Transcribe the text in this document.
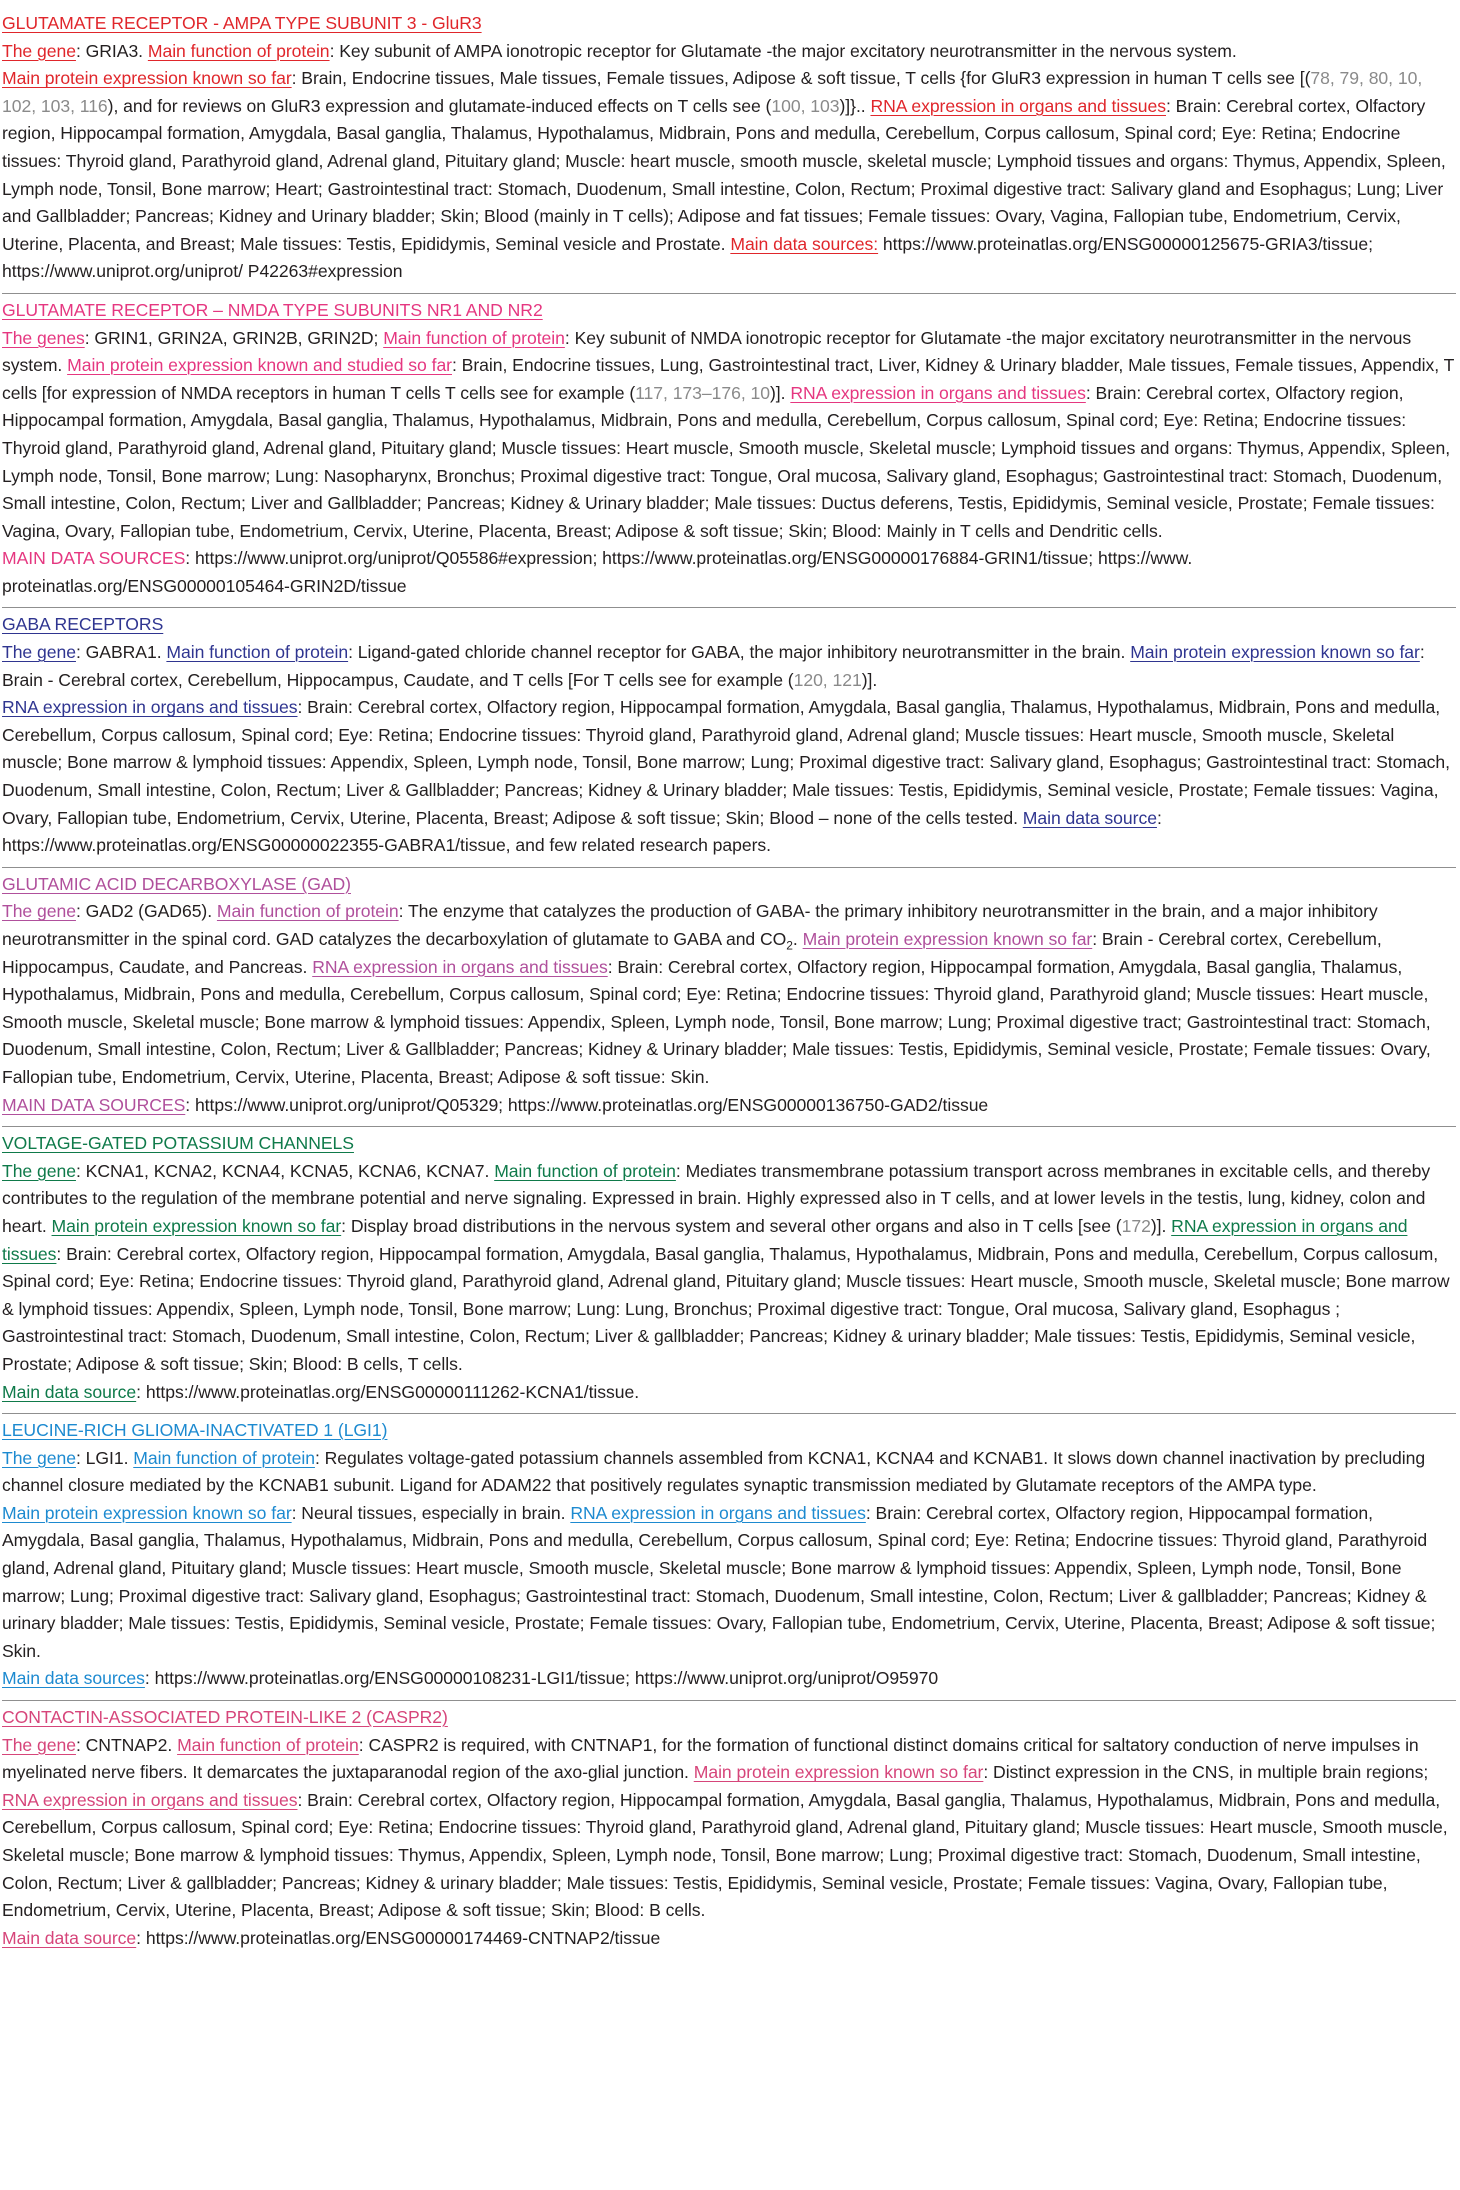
GLUTAMATE RECEPTOR - AMPA TYPE SUBUNIT 3 - GluR3

The gene: GRIA3. Main function of protein: Key subunit of AMPA ionotropic receptor for Glutamate -the major excitatory neurotransmitter in the nervous system.
Main protein expression known so far: Brain, Endocrine tissues, Male tissues, Female tissues, Adipose & soft tissue, T cells {for GluR3 expression in human T cells see [(78, 79, 80, 10, 102, 103, 116), and for reviews on GluR3 expression and glutamate-induced effects on T cells see (100, 103)]}.. RNA expression in organs and tissues: Brain: Cerebral cortex, Olfactory region, Hippocampal formation, Amygdala, Basal ganglia, Thalamus, Hypothalamus, Midbrain, Pons and medulla, Cerebellum, Corpus callosum, Spinal cord; Eye: Retina; Endocrine tissues: Thyroid gland, Parathyroid gland, Adrenal gland, Pituitary gland; Muscle: heart muscle, smooth muscle, skeletal muscle; Lymphoid tissues and organs: Thymus, Appendix, Spleen, Lymph node, Tonsil, Bone marrow; Heart; Gastrointestinal tract: Stomach, Duodenum, Small intestine, Colon, Rectum; Proximal digestive tract: Salivary gland and Esophagus; Lung; Liver and Gallbladder; Pancreas; Kidney and Urinary bladder; Skin; Blood (mainly in T cells); Adipose and fat tissues; Female tissues: Ovary, Vagina, Fallopian tube, Endometrium, Cervix, Uterine, Placenta, and Breast; Male tissues: Testis, Epididymis, Seminal vesicle and Prostate. Main data sources: https://www.proteinatlas.org/ENSG00000125675-GRIA3/tissue; https://www.uniprot.org/uniprot/ P42263#expression

GLUTAMATE RECEPTOR – NMDA TYPE SUBUNITS NR1 AND NR2

The genes: GRIN1, GRIN2A, GRIN2B, GRIN2D; Main function of protein: Key subunit of NMDA ionotropic receptor for Glutamate -the major excitatory neurotransmitter in the nervous system. Main protein expression known and studied so far: Brain, Endocrine tissues, Lung, Gastrointestinal tract, Liver, Kidney & Urinary bladder, Male tissues, Female tissues, Appendix, T cells [for expression of NMDA receptors in human T cells T cells see for example (117, 173–176, 10)]. RNA expression in organs and tissues: Brain: Cerebral cortex, Olfactory region, Hippocampal formation, Amygdala, Basal ganglia, Thalamus, Hypothalamus, Midbrain, Pons and medulla, Cerebellum, Corpus callosum, Spinal cord; Eye: Retina; Endocrine tissues: Thyroid gland, Parathyroid gland, Adrenal gland, Pituitary gland; Muscle tissues: Heart muscle, Smooth muscle, Skeletal muscle; Lymphoid tissues and organs: Thymus, Appendix, Spleen, Lymph node, Tonsil, Bone marrow; Lung: Nasopharynx, Bronchus; Proximal digestive tract: Tongue, Oral mucosa, Salivary gland, Esophagus; Gastrointestinal tract: Stomach, Duodenum, Small intestine, Colon, Rectum; Liver and Gallbladder; Pancreas; Kidney & Urinary bladder; Male tissues: Ductus deferens, Testis, Epididymis, Seminal vesicle, Prostate; Female tissues: Vagina, Ovary, Fallopian tube, Endometrium, Cervix, Uterine, Placenta, Breast; Adipose & soft tissue; Skin; Blood: Mainly in T cells and Dendritic cells.
MAIN DATA SOURCES: https://www.uniprot.org/uniprot/Q05586#expression; https://www.proteinatlas.org/ENSG00000176884-GRIN1/tissue; https://www. proteinatlas.org/ENSG00000105464-GRIN2D/tissue

GABA RECEPTORS

The gene: GABRA1. Main function of protein: Ligand-gated chloride channel receptor for GABA, the major inhibitory neurotransmitter in the brain. Main protein expression known so far: Brain - Cerebral cortex, Cerebellum, Hippocampus, Caudate, and T cells [For T cells see for example (120, 121)].
RNA expression in organs and tissues: Brain: Cerebral cortex, Olfactory region, Hippocampal formation, Amygdala, Basal ganglia, Thalamus, Hypothalamus, Midbrain, Pons and medulla, Cerebellum, Corpus callosum, Spinal cord; Eye: Retina; Endocrine tissues: Thyroid gland, Parathyroid gland, Adrenal gland; Muscle tissues: Heart muscle, Smooth muscle, Skeletal muscle; Bone marrow & lymphoid tissues: Appendix, Spleen, Lymph node, Tonsil, Bone marrow; Lung; Proximal digestive tract: Salivary gland, Esophagus; Gastrointestinal tract: Stomach, Duodenum, Small intestine, Colon, Rectum; Liver & Gallbladder; Pancreas; Kidney & Urinary bladder; Male tissues: Testis, Epididymis, Seminal vesicle, Prostate; Female tissues: Vagina, Ovary, Fallopian tube, Endometrium, Cervix, Uterine, Placenta, Breast; Adipose & soft tissue; Skin; Blood – none of the cells tested. Main data source: https://www.proteinatlas.org/ENSG00000022355-GABRA1/tissue, and few related research papers.

GLUTAMIC ACID DECARBOXYLASE (GAD)

The gene: GAD2 (GAD65). Main function of protein: The enzyme that catalyzes the production of GABA- the primary inhibitory neurotransmitter in the brain, and a major inhibitory neurotransmitter in the spinal cord. GAD catalyzes the decarboxylation of glutamate to GABA and $CO_2$. Main protein expression known so far: Brain - Cerebral cortex, Cerebellum, Hippocampus, Caudate, and Pancreas. RNA expression in organs and tissues: Brain: Cerebral cortex, Olfactory region, Hippocampal formation, Amygdala, Basal ganglia, Thalamus, Hypothalamus, Midbrain, Pons and medulla, Cerebellum, Corpus callosum, Spinal cord; Eye: Retina; Endocrine tissues: Thyroid gland, Parathyroid gland; Muscle tissues: Heart muscle, Smooth muscle, Skeletal muscle; Bone marrow & lymphoid tissues: Appendix, Spleen, Lymph node, Tonsil, Bone marrow; Lung; Proximal digestive tract; Gastrointestinal tract: Stomach, Duodenum, Small intestine, Colon, Rectum; Liver & Gallbladder; Pancreas; Kidney & Urinary bladder; Male tissues: Testis, Epididymis, Seminal vesicle, Prostate; Female tissues: Ovary, Fallopian tube, Endometrium, Cervix, Uterine, Placenta, Breast; Adipose & soft tissue: Skin.
MAIN DATA SOURCES: https://www.uniprot.org/uniprot/Q05329; https://www.proteinatlas.org/ENSG00000136750-GAD2/tissue

VOLTAGE-GATED POTASSIUM CHANNELS

The gene: KCNA1, KCNA2, KCNA4, KCNA5, KCNA6, KCNA7. Main function of protein: Mediates transmembrane potassium transport across membranes in excitable cells, and thereby contributes to the regulation of the membrane potential and nerve signaling. Expressed in brain. Highly expressed also in T cells, and at lower levels in the testis, lung, kidney, colon and heart. Main protein expression known so far: Display broad distributions in the nervous system and several other organs and also in T cells [see (172)]. RNA expression in organs and tissues: Brain: Cerebral cortex, Olfactory region, Hippocampal formation, Amygdala, Basal ganglia, Thalamus, Hypothalamus, Midbrain, Pons and medulla, Cerebellum, Corpus callosum, Spinal cord; Eye: Retina; Endocrine tissues: Thyroid gland, Parathyroid gland, Adrenal gland, Pituitary gland; Muscle tissues: Heart muscle, Smooth muscle, Skeletal muscle; Bone marrow & lymphoid tissues: Appendix, Spleen, Lymph node, Tonsil, Bone marrow; Lung: Lung, Bronchus; Proximal digestive tract: Tongue, Oral mucosa, Salivary gland, Esophagus ; Gastrointestinal tract: Stomach, Duodenum, Small intestine, Colon, Rectum; Liver & gallbladder; Pancreas; Kidney & urinary bladder; Male tissues: Testis, Epididymis, Seminal vesicle, Prostate; Adipose & soft tissue; Skin; Blood: B cells, T cells.
Main data source: https://www.proteinatlas.org/ENSG00000111262-KCNA1/tissue.

LEUCINE-RICH GLIOMA-INACTIVATED 1 (LGI1)

The gene: LGI1. Main function of protein: Regulates voltage-gated potassium channels assembled from KCNA1, KCNA4 and KCNAB1. It slows down channel inactivation by precluding channel closure mediated by the KCNAB1 subunit. Ligand for ADAM22 that positively regulates synaptic transmission mediated by Glutamate receptors of the AMPA type.
Main protein expression known so far: Neural tissues, especially in brain. RNA expression in organs and tissues: Brain: Cerebral cortex, Olfactory region, Hippocampal formation, Amygdala, Basal ganglia, Thalamus, Hypothalamus, Midbrain, Pons and medulla, Cerebellum, Corpus callosum, Spinal cord; Eye: Retina; Endocrine tissues: Thyroid gland, Parathyroid gland, Adrenal gland, Pituitary gland; Muscle tissues: Heart muscle, Smooth muscle, Skeletal muscle; Bone marrow & lymphoid tissues: Appendix, Spleen, Lymph node, Tonsil, Bone marrow; Lung; Proximal digestive tract: Salivary gland, Esophagus; Gastrointestinal tract: Stomach, Duodenum, Small intestine, Colon, Rectum; Liver & gallbladder; Pancreas; Kidney & urinary bladder; Male tissues: Testis, Epididymis, Seminal vesicle, Prostate; Female tissues: Ovary, Fallopian tube, Endometrium, Cervix, Uterine, Placenta, Breast; Adipose & soft tissue; Skin.
Main data sources: https://www.proteinatlas.org/ENSG00000108231-LGI1/tissue; https://www.uniprot.org/uniprot/O95970

CONTACTIN-ASSOCIATED PROTEIN-LIKE 2 (CASPR2)

The gene: CNTNAP2. Main function of protein: CASPR2 is required, with CNTNAP1, for the formation of functional distinct domains critical for saltatory conduction of nerve impulses in myelinated nerve fibers. It demarcates the juxtaparanodal region of the axo-glial junction. Main protein expression known so far: Distinct expression in the CNS, in multiple brain regions; RNA expression in organs and tissues: Brain: Cerebral cortex, Olfactory region, Hippocampal formation, Amygdala, Basal ganglia, Thalamus, Hypothalamus, Midbrain, Pons and medulla, Cerebellum, Corpus callosum, Spinal cord; Eye: Retina; Endocrine tissues: Thyroid gland, Parathyroid gland, Adrenal gland, Pituitary gland; Muscle tissues: Heart muscle, Smooth muscle, Skeletal muscle; Bone marrow & lymphoid tissues: Thymus, Appendix, Spleen, Lymph node, Tonsil, Bone marrow; Lung; Proximal digestive tract: Stomach, Duodenum, Small intestine, Colon, Rectum; Liver & gallbladder; Pancreas; Kidney & urinary bladder; Male tissues: Testis, Epididymis, Seminal vesicle, Prostate; Female tissues: Vagina, Ovary, Fallopian tube, Endometrium, Cervix, Uterine, Placenta, Breast; Adipose & soft tissue; Skin; Blood: B cells.
Main data source: https://www.proteinatlas.org/ENSG00000174469-CNTNAP2/tissue
